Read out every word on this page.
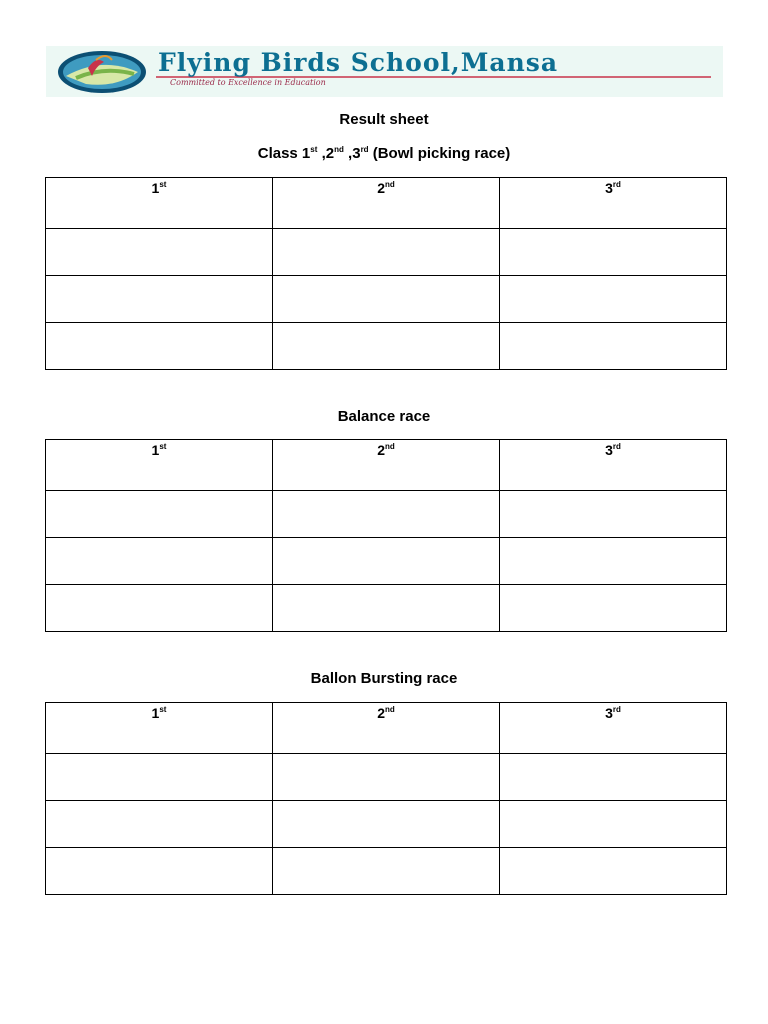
Flying Birds School,Mansa
Committed to Excellence in Education
Result sheet
Class 1st ,2nd ,3rd (Bowl picking race)
1st	2nd	3rd

Balance race
1st	2nd	3rd

Ballon Bursting race
1st	2nd	3rd
